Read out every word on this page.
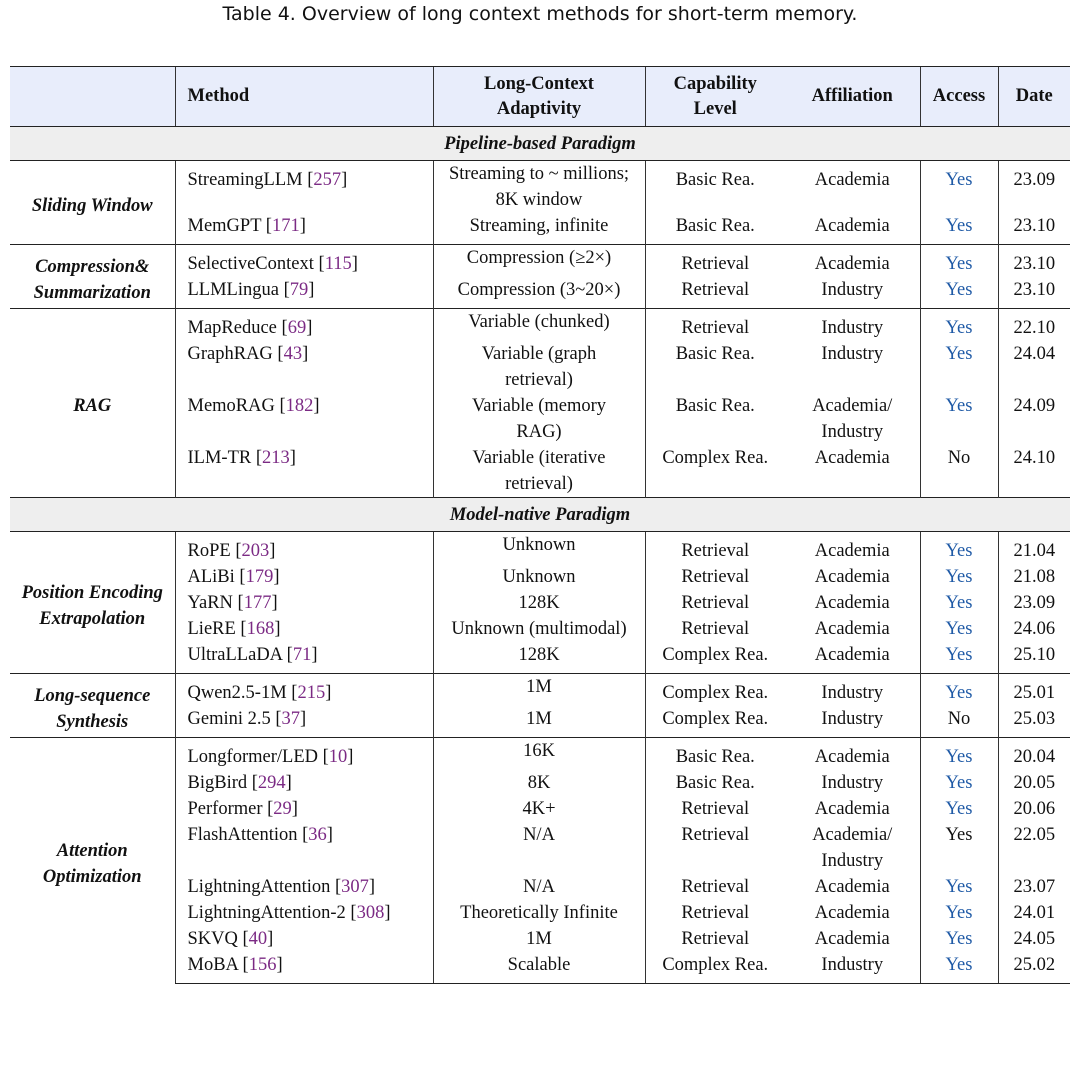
Table 4. Overview of long context methods for short-term memory.
	Method	Long-Context Adaptivity	Capability Level	Affiliation	Access	Date
Pipeline-based Paradigm						
Sliding Window	StreamingLLM [257]	Streaming to ~ millions; 8K window	Basic Rea.	Academia	Yes	23.09
	MemGPT [171]	Streaming, infinite	Basic Rea.	Academia	Yes	23.10
Compression& Summarization	SelectiveContext [115]	Compression (≥2×)	Retrieval	Academia	Yes	23.10
	LLMLingua [79]	Compression (3~20×)	Retrieval	Industry	Yes	23.10
RAG	MapReduce [69]	Variable (chunked)	Retrieval	Industry	Yes	22.10
	GraphRAG [43]	Variable (graph retrieval)	Basic Rea.	Industry	Yes	24.04
	MemoRAG [182]	Variable (memory RAG)	Basic Rea.	Academia/ Industry	Yes	24.09
	ILM-TR [213]	Variable (iterative retrieval)	Complex Rea.	Academia	No	24.10
Model-native Paradigm						
Position Encoding Extrapolation	RoPE [203]	Unknown	Retrieval	Academia	Yes	21.04
	ALiBi [179]	Unknown	Retrieval	Academia	Yes	21.08
	YaRN [177]	128K	Retrieval	Academia	Yes	23.09
	LieRE [168]	Unknown (multimodal)	Retrieval	Academia	Yes	24.06
	UltraLLaDA [71]	128K	Complex Rea.	Academia	Yes	25.10
Long-sequence Synthesis	Qwen2.5-1M [215]	1M	Complex Rea.	Industry	Yes	25.01
	Gemini 2.5 [37]	1M	Complex Rea.	Industry	No	25.03
Attention Optimization	Longformer/LED [10]	16K	Basic Rea.	Academia	Yes	20.04
	BigBird [294]	8K	Basic Rea.	Industry	Yes	20.05
	Performer [29]	4K+	Retrieval	Academia	Yes	20.06
	FlashAttention [36]	N/A	Retrieval	Academia/ Industry	Yes	22.05
	LightningAttention [307]	N/A	Retrieval	Academia	Yes	23.07
	LightningAttention-2 [308]	Theoretically Infinite	Retrieval	Academia	Yes	24.01
	SKVQ [40]	1M	Retrieval	Academia	Yes	24.05
	MoBA [156]	Scalable	Complex Rea.	Industry	Yes	25.02
